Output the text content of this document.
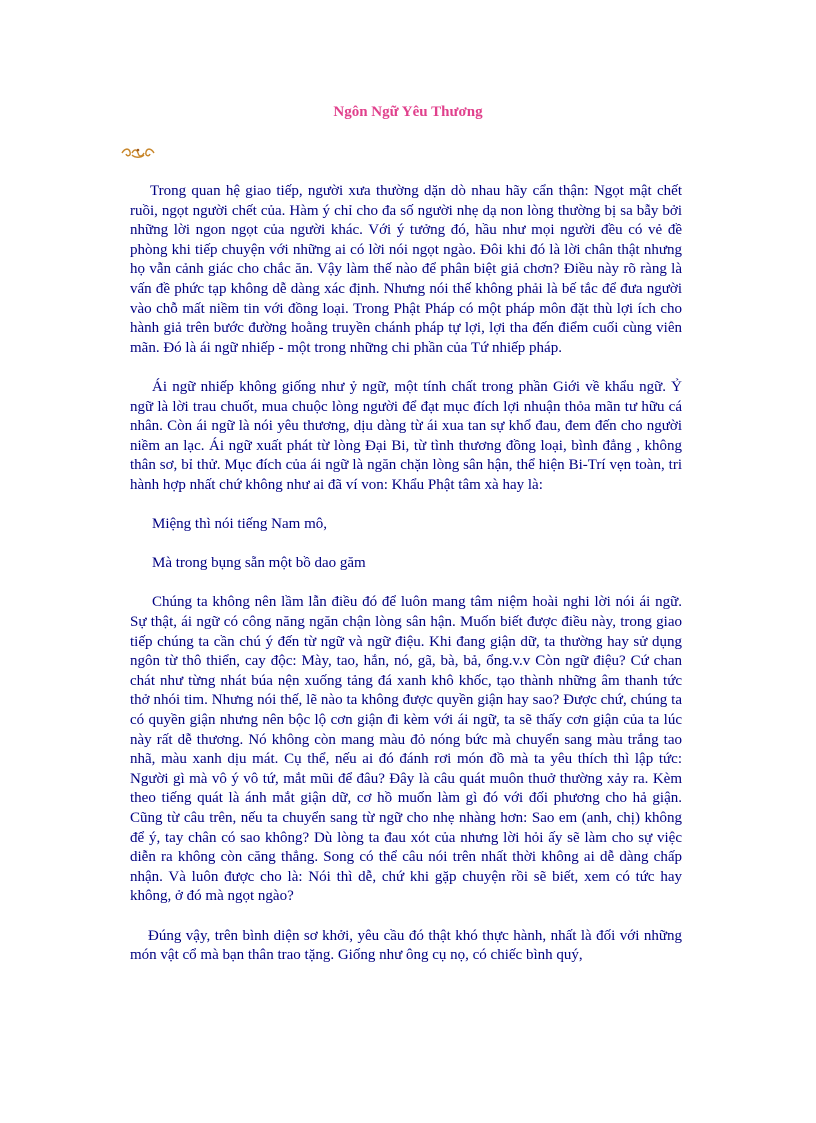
Ngôn Ngữ Yêu Thương

Trong quan hệ giao tiếp, người xưa thường dặn dò nhau hãy cẩn thận: Ngọt mật chết ruồi, ngọt người chết của. Hàm ý chỉ cho đa số người nhẹ dạ non lòng thường bị sa bẫy bởi những lời ngon ngọt của người khác. Với ý tưởng đó, hầu như mọi người đều có vẻ đề phòng khi tiếp chuyện với những ai có lời nói ngọt ngào. Đôi khi đó là lời chân thật nhưng họ vẫn cảnh giác cho chắc ăn. Vậy làm thế nào để phân biệt giả chơn? Điều này rõ ràng là vấn đề phức tạp không dễ dàng xác định. Nhưng nói thế không phải là bế tắc để đưa người vào chỗ mất niềm tin với đồng loại. Trong Phật Pháp có một pháp môn đặt thù lợi ích cho hành giả trên bước đường hoằng truyền chánh pháp tự lợi, lợi tha đến điểm cuối cùng viên mãn. Đó là ái ngữ nhiếp - một trong những chi phần của Tứ nhiếp pháp.

Ái ngữ nhiếp không giống như ỷ ngữ, một tính chất trong phần Giới về khẩu ngữ. Ỷ ngữ là lời trau chuốt, mua chuộc lòng người để đạt mục đích lợi nhuận thỏa mãn tư hữu cá nhân. Còn ái ngữ là nói yêu thương, dịu dàng từ ái xua tan sự khổ đau, đem đến cho người niềm an lạc. Ái ngữ xuất phát từ lòng Đại Bi, từ tình thương đồng loại, bình đẳng , không thân sơ, bỉ thử. Mục đích của ái ngữ là ngăn chặn lòng sân hận, thể hiện Bi-Trí vẹn toàn, tri hành hợp nhất chứ không như ai đã ví von: Khẩu Phật tâm xà hay là:

Miệng thì nói tiếng Nam mô,

Mà trong bụng sẵn một bồ dao găm

Chúng ta không nên lầm lẫn điều đó để luôn mang tâm niệm hoài nghi lời nói ái ngữ. Sự thật, ái ngữ có công năng ngăn chận lòng sân hận. Muốn biết được điều này, trong giao tiếp chúng ta cần chú ý đến từ ngữ và ngữ điệu. Khi đang giận dữ, ta thường hay sử dụng ngôn từ thô thiển, cay độc: Mày, tao, hắn, nó, gã, bà, bả, ổng.v.v Còn ngữ điệu? Cứ chan chát như từng nhát búa nện xuống tảng đá xanh khô khốc, tạo thành những âm thanh tức thở nhói tim. Nhưng nói thế, lẽ nào ta không được quyền giận hay sao? Được chứ, chúng ta có quyền giận nhưng nên bộc lộ cơn giận đi kèm với ái ngữ, ta sẽ thấy cơn giận của ta lúc này rất dễ thương. Nó không còn mang màu đỏ nóng bức mà chuyển sang màu trắng tao nhã, màu xanh dịu mát. Cụ thể, nếu ai đó đánh rơi món đồ mà ta yêu thích thì lập tức: Người gì mà vô ý vô tứ, mắt mũi để đâu? Đây là câu quát muôn thuở thường xảy ra. Kèm theo tiếng quát là ánh mắt giận dữ, cơ hồ muốn làm gì đó với đối phương cho hả giận. Cũng từ câu trên, nếu ta chuyển sang từ ngữ cho nhẹ nhàng hơn: Sao em (anh, chị) không để ý, tay chân có sao không? Dù lòng ta đau xót của nhưng lời hỏi ấy sẽ làm cho sự việc diễn ra không còn căng thẳng. Song có thể câu nói trên nhất thời không ai dễ dàng chấp nhận. Và luôn được cho là: Nói thì dễ, chứ khi gặp chuyện rồi sẽ biết, xem có tức hay không, ở đó mà ngọt ngào?

Đúng vậy, trên bình diện sơ khởi, yêu cầu đó thật khó thực hành, nhất là đối với những món vật cổ mà bạn thân trao tặng. Giống như ông cụ nọ, có chiếc bình quý,
